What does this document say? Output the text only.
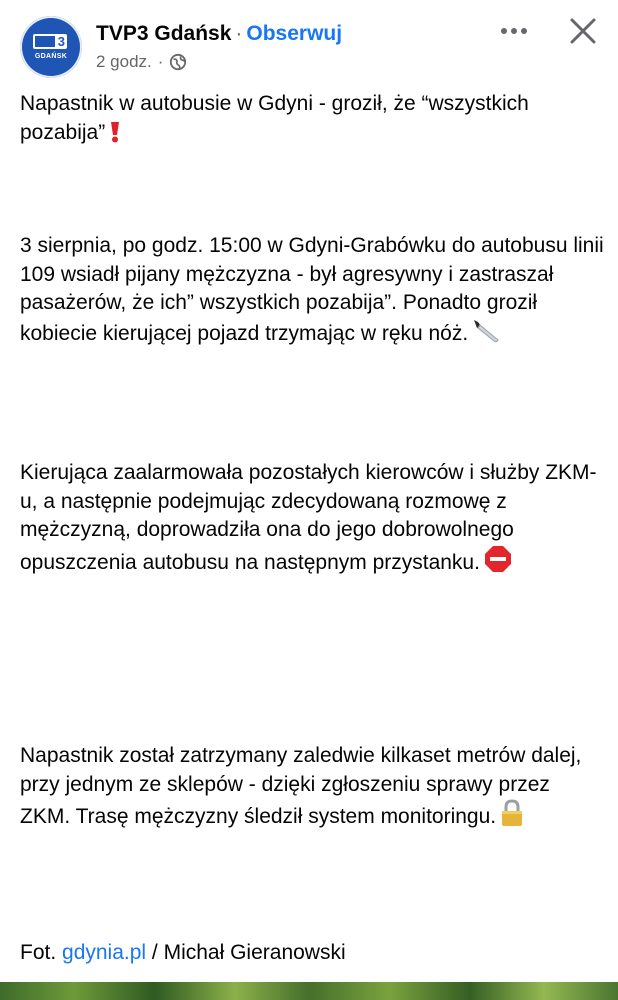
3
GDAŃSK
TVP3 Gdańsk · Obserwuj
2 godz. ·

Napastnik w autobusie w Gdyni - groził, że “wszystkich pozabija”

3 sierpnia, po godz. 15:00 w Gdyni-Grabówku do autobusu linii 109 wsiadł pijany mężczyzna - był agresywny i zastraszał pasażerów, że ich” wszystkich pozabija”. Ponadto groził kobiecie kierującej pojazd trzymając w ręku nóż.

Kierująca zaalarmowała pozostałych kierowców i służby ZKM-u, a następnie podejmując zdecydowaną rozmowę z mężczyzną, doprowadziła ona do jego dobrowolnego opuszczenia autobusu na następnym przystanku.

Napastnik został zatrzymany zaledwie kilkaset metrów dalej, przy jednym ze sklepów - dzięki zgłoszeniu sprawy przez ZKM. Trasę mężczyzny śledził system monitoringu.

Fot. gdynia.pl / Michał Gieranowski
